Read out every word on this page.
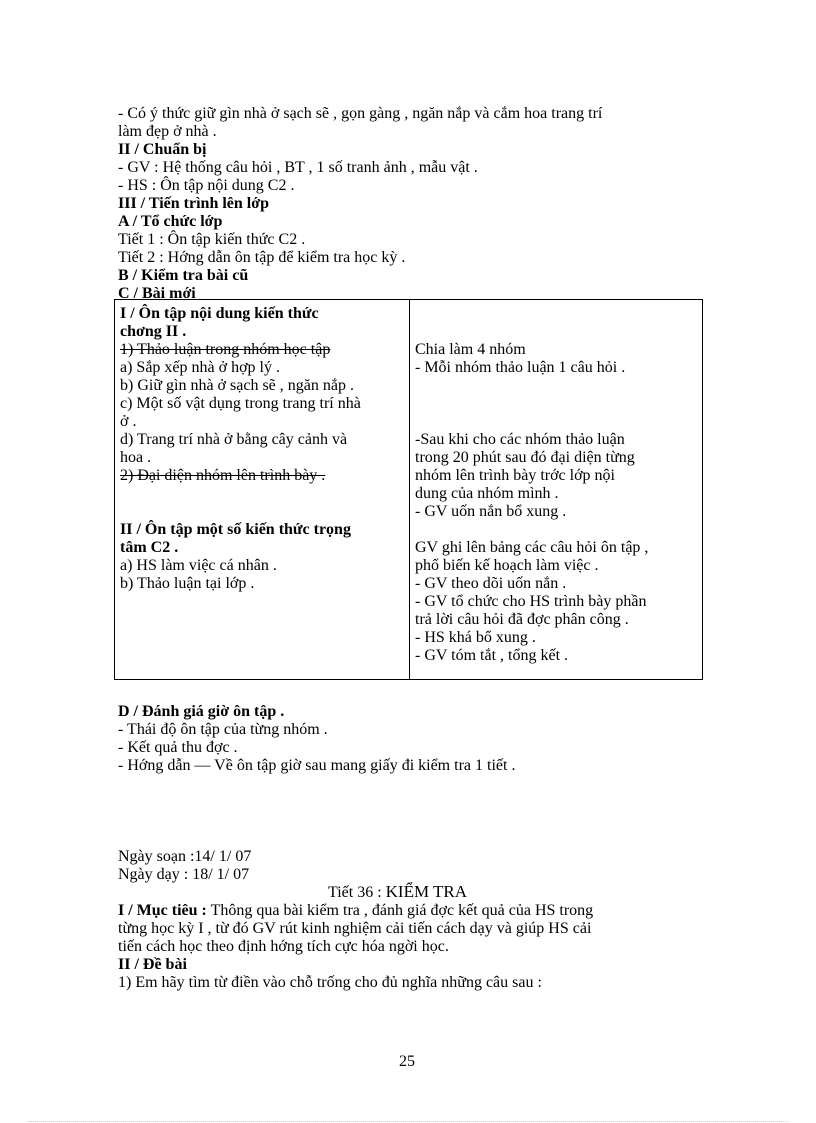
- Có ý thức giữ gìn nhà ở sạch sẽ , gọn gàng , ngăn nắp và cắm hoa trang trí
làm đẹp ở nhà .
II / Chuẩn bị
- GV : Hệ thống câu hỏi , BT , 1 số tranh ảnh , mẫu vật .
- HS : Ôn tập nội dung C2 .
III / Tiến trình lên lớp
A / Tổ chức lớp
Tiết 1 : Ôn tập kiến thức C2 .
Tiết 2 : Hớng dẫn ôn tập để kiểm tra học kỳ .
B / Kiểm tra bài cũ
C / Bài mới
I / Ôn tập nội dung kiến thức
chơng II .
1) Thảo luận trong nhóm học tập
a) Sắp xếp nhà ở hợp lý .
b) Giữ gìn nhà ở sạch sẽ , ngăn nắp .
c) Một số vật dụng trong trang trí nhà
ở .
d) Trang trí nhà ở bằng cây cảnh và
hoa .
2) Đại diện nhóm lên trình bày .
II / Ôn tập một số kiến thức trọng
tâm C2 .
a) HS làm việc cá nhân .
b) Thảo luận tại lớp .
Chia làm 4 nhóm
- Mỗi nhóm thảo luận 1 câu hỏi .
-Sau khi cho các nhóm thảo luận
trong 20 phút sau đó đại diện từng
nhóm lên trình bày trớc lớp nội
dung của nhóm mình .
- GV uốn nắn bổ xung .
GV ghi lên bảng các câu hỏi ôn tập ,
phổ biến kế hoạch làm việc .
- GV theo dõi uốn nắn .
- GV tổ chức cho HS trình bày phần
trả lời câu hỏi đã đợc phân công .
- HS khá bổ xung .
- GV tóm tắt , tổng kết .
D / Đánh giá giờ ôn tập .
- Thái độ ôn tập của từng nhóm .
- Kết quả thu đợc .
- Hớng dẫn — Về ôn tập giờ sau mang giấy đi kiểm tra 1 tiết .
Ngày soạn :14/ 1/ 07
Ngày dạy : 18/ 1/ 07
Tiết 36 : KIỂM TRA
I / Mục tiêu : Thông qua bài kiểm tra , đánh giá đợc kết quả của HS trong
từng học kỳ I , từ đó GV rút kinh nghiệm cải tiến cách dạy và giúp HS cải
tiến cách học theo định hớng tích cực hóa ngời học.
II / Đề bài
1) Em hãy tìm từ điền vào chỗ trống cho đủ nghĩa những câu sau :
25
